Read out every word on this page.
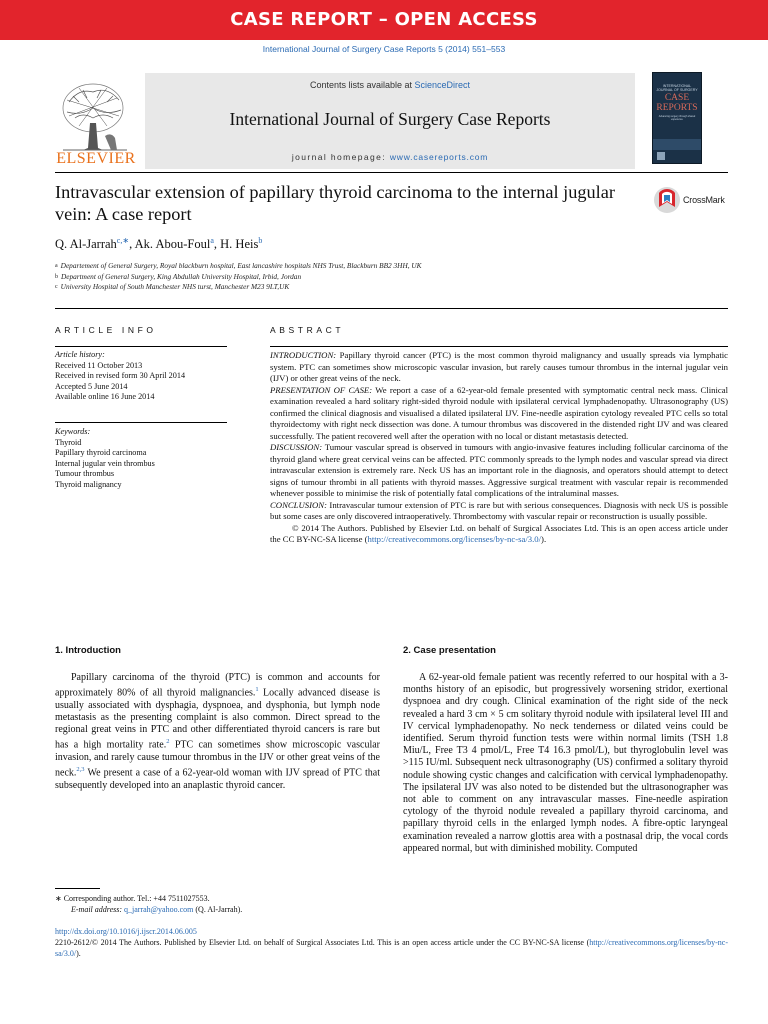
CASE REPORT – OPEN ACCESS
International Journal of Surgery Case Reports 5 (2014) 551–553
ELSEVIER
Contents lists available at ScienceDirect
International Journal of Surgery Case Reports
journal homepage: www.casereports.com
INTERNATIONAL
JOURNAL OF SURGERY
CASE
REPORTS
Advancing surgery through shared experience
Intravascular extension of papillary thyroid carcinoma to the internal jugular vein: A case report
CrossMark
Q. Al-Jarrah$^{c,∗}$, Ak. Abou-Foul$^a$, H. Heis$^b$
$^a$ Departement of General Surgery, Royal blackburn hospital, East lancashire hospitals NHS Trust, Blackburn BB2 3HH, UK
$^b$ Department of General Surgery, King Abdullah University Hospital, Irbid, Jordan
$^c$ University Hospital of South Manchester NHS turst, Manchester M23 9LT,UK
ARTICLE INFO	ABSTRACT
Article history:
Received 11 October 2013
Received in revised form 30 April 2014
Accepted 5 June 2014
Available online 16 June 2014
Keywords:
Thyroid
Papillary thyroid carcinoma
Internal jugular vein thrombus
Tumour thrombus
Thyroid malignancy
INTRODUCTION: Papillary thyroid cancer (PTC) is the most common thyroid malignancy and usually spreads via lymphatic system. PTC can sometimes show microscopic vascular invasion, but rarely causes tumour thrombus in the internal jugular vein (IJV) or other great veins of the neck.
PRESENTATION OF CASE: We report a case of a 62-year-old female presented with symptomatic central neck mass. Clinical examination revealed a hard solitary right-sided thyroid nodule with ipsilateral cervical lymphadenopathy. Ultrasonography (US) confirmed the clinical diagnosis and visualised a dilated ipsilateral IJV. Fine-needle aspiration cytology revealed PTC cells so total thyroidectomy with right neck dissection was done. A tumour thrombus was discovered in the distended right IJV and was cleared successfully. The patient recovered well after the operation with no local or distant metastasis detected.
DISCUSSION: Tumour vascular spread is observed in tumours with angio-invasive features including follicular carcinoma of the thyroid gland where great cervical veins can be affected. PTC commonly spreads to the lymph nodes and vascular spread via direct intravascular extension is extremely rare. Neck US has an important role in the diagnosis, and operators should attempt to detect signs of tumour thrombi in all patients with thyroid masses. Aggressive surgical treatment with vascular repair is recommended whenever possible to minimise the risk of potentially fatal complications of the intraluminal masses.
CONCLUSION: Intravascular tumour extension of PTC is rare but with serious consequences. Diagnosis with neck US is possible but some cases are only discovered intraoperatively. Thrombectomy with vascular repair or reconstruction is usually possible.
© 2014 The Authors. Published by Elsevier Ltd. on behalf of Surgical Associates Ltd. This is an open access article under the CC BY-NC-SA license (http://creativecommons.org/licenses/by-nc-sa/3.0/).
1. Introduction
Papillary carcinoma of the thyroid (PTC) is common and accounts for approximately 80% of all thyroid malignancies.$^1$ Locally advanced disease is usually associated with dysphagia, dyspnoea, and dysphonia, but lymph node metastasis as the presenting complaint is also common. Direct spread to the regional great veins in PTC and other differentiated thyroid cancers is rare but has a high mortality rate.$^2$ PTC can sometimes show microscopic vascular invasion, and rarely cause tumour thrombus in the IJV or other great veins of the neck.$^{2,3}$ We present a case of a 62-year-old woman with IJV spread of PTC that subsequently developed into an anaplastic thyroid cancer.
2. Case presentation
A 62-year-old female patient was recently referred to our hospital with a 3-months history of an episodic, but progressively worsening stridor, exertional dyspnoea and dry cough. Clinical examination of the right side of the neck revealed a hard 3 cm × 5 cm solitary thyroid nodule with ipsilateral level III and IV cervical lymphadenopathy. No neck tenderness or dilated veins could be identified. Serum thyroid function tests were within normal limits (TSH 1.8 Miu/L, Free T3 4 pmol/L, Free T4 16.3 pmol/L), but thyroglobulin level was >115 IU/ml. Subsequent neck ultrasonography (US) confirmed a solitary thyroid nodule showing cystic changes and calcification with cervical lymphadenopathy. The ipsilateral IJV was also noted to be distended but the ultrasonographer was not able to comment on any intravascular masses. Fine-needle aspiration cytology of the thyroid nodule revealed a papillary thyroid carcinoma, and papillary thyroid cells in the enlarged lymph nodes. A fibre-optic laryngeal examination revealed a narrow glottis area with a postnasal drip, the vocal cords appeared normal, but with diminished mobility. Computed
∗ Corresponding author. Tel.: +44 7511027553.
E-mail address: q_jarrah@yahoo.com (Q. Al-Jarrah).
http://dx.doi.org/10.1016/j.ijscr.2014.06.005
2210-2612/© 2014 The Authors. Published by Elsevier Ltd. on behalf of Surgical Associates Ltd. This is an open access article under the CC BY-NC-SA license (http://creativecommons.org/licenses/by-nc-sa/3.0/).
